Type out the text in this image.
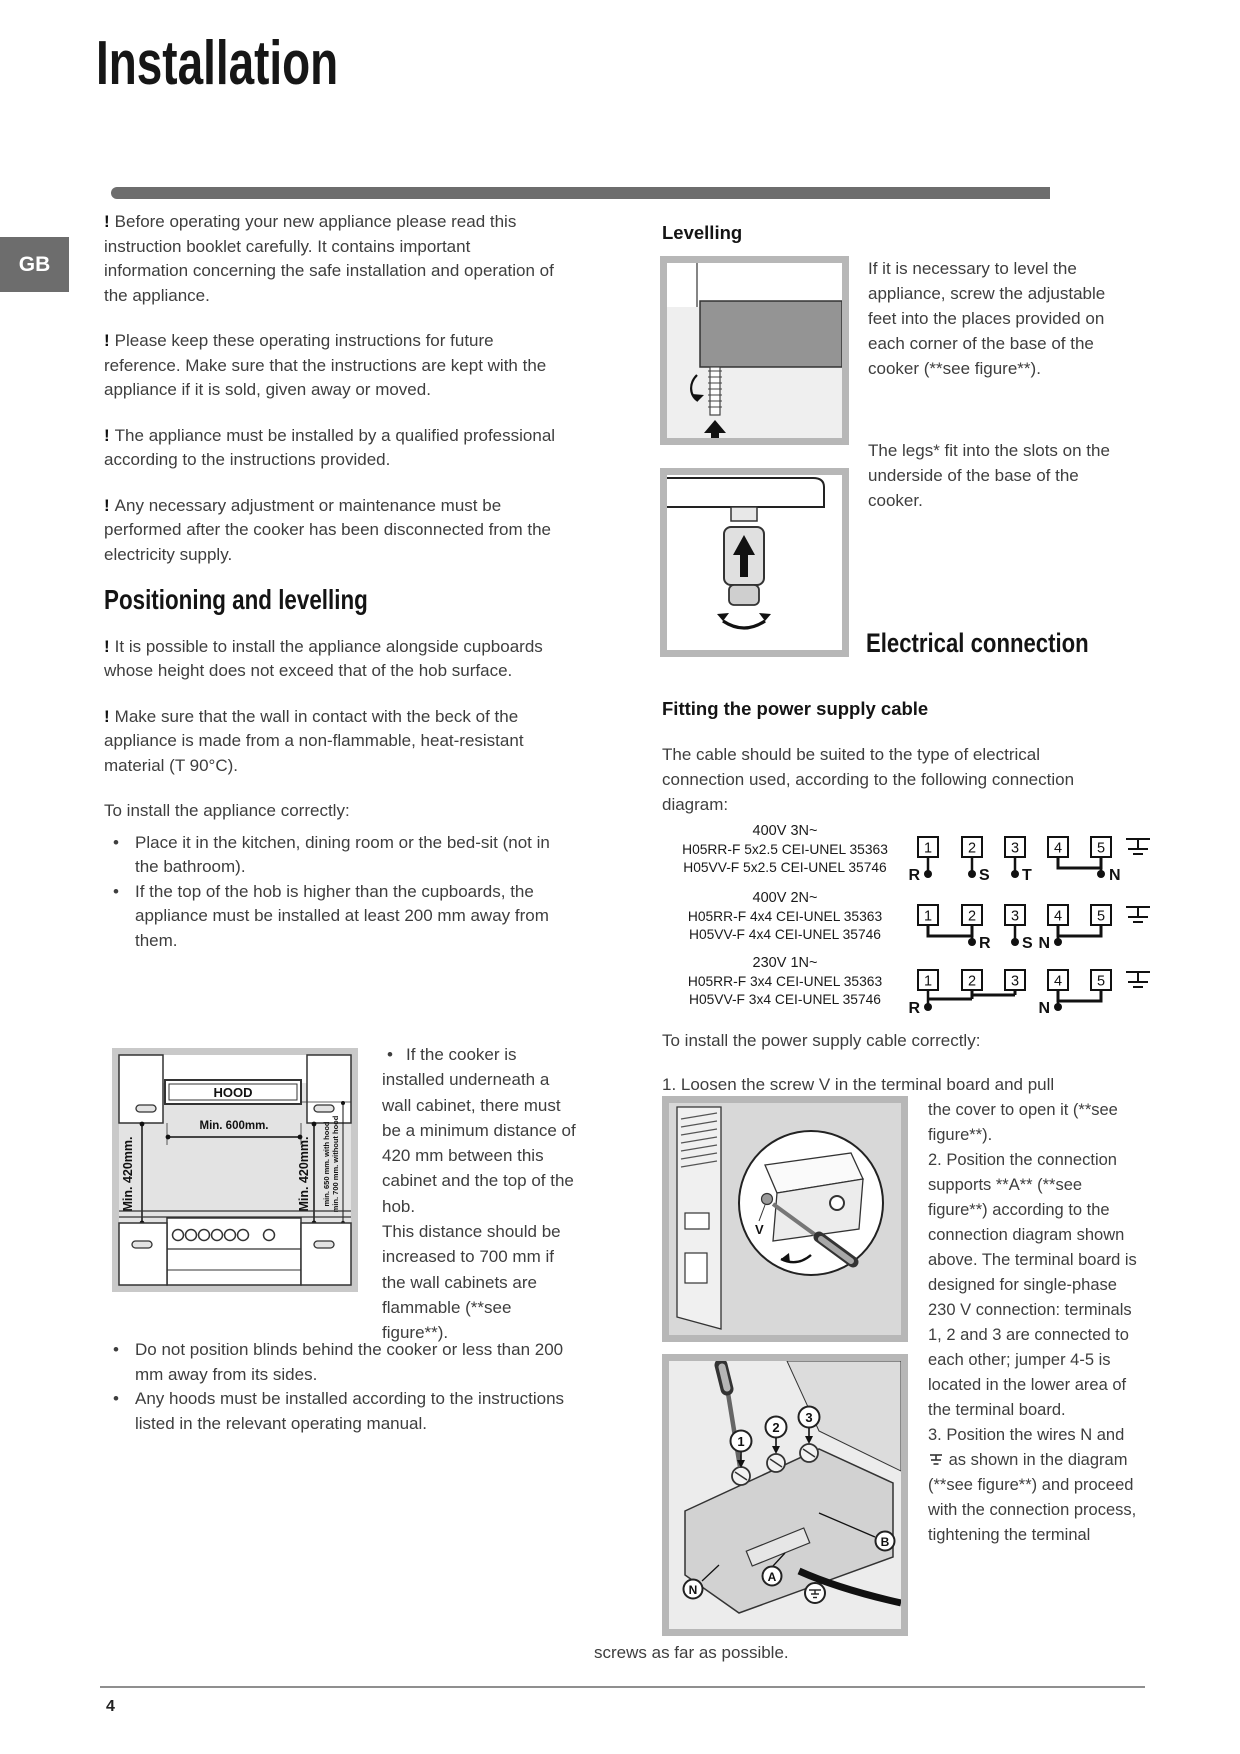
Installation
GB

! Before operating your new appliance please read this instruction booklet carefully. It contains important information concerning the safe installation and operation of the appliance.

! Please keep these operating instructions for future reference. Make sure that the instructions are kept with the appliance if it is sold, given away or moved.

! The appliance must be installed by a qualified professional according to the instructions provided.

! Any necessary adjustment or maintenance must be performed after the cooker has been disconnected from the electricity supply.

Positioning and levelling

! It is possible to install the appliance alongside cupboards whose height does not exceed that of the hob surface.

! Make sure that the wall in contact with the beck of the appliance is made from a non-flammable, heat-resistant material (T 90°C).

To install the appliance correctly:

• Place it in the kitchen, dining room or the bed-sit (not in the bathroom).
• If the top of the hob is higher than the cupboards, the appliance must be installed at least 200 mm away from them.
HOOD
Min. 600mm.
Min. 420mm.	Min. 420mm. min. 650 mm. with hood min. 700 mm. without hood
• If the cooker is installed underneath a wall cabinet, there must be a minimum distance of 420 mm between this cabinet and the top of the hob.
This distance should be increased to 700 mm if the wall cabinets are flammable (**see figure**).
• Do not position blinds behind the cooker or less than 200 mm away from its sides.
• Any hoods must be installed according to the instructions listed in the relevant operating manual.
Levelling

If it is necessary to level the appliance, screw the adjustable feet into the places provided on each corner of the base of the cooker (**see figure**).

The legs* fit into the slots on the underside of the base of the cooker.

Electrical connection
Fitting the power supply cable

The cable should be suited to the type of electrical connection used, according to the following connection diagram:

400V 3N~
H05RR-F 5x2.5 CEI-UNEL 35363
H05VV-F 5x2.5 CEI-UNEL 35746
1 2 3 4 5
R	S T	N
400V 2N~
H05RR-F 4x4 CEI-UNEL 35363
H05VV-F 4x4 CEI-UNEL 35746
1 2 3 4 5
R S N
230V 1N~
H05RR-F 3x4 CEI-UNEL 35363
H05VV-F 3x4 CEI-UNEL 35746
1 2 3 4 5
R	N

To install the power supply cable correctly:

1. Loosen the screw V in the terminal board and pull

V

the cover to open it (**see figure**).

2. Position the connection supports **A** (**see figure**) according to the connection diagram shown above. The terminal board is designed for single-phase 230 V connection: terminals 1, 2 and 3 are connected to each other; jumper 4-5 is located in the lower area of the terminal board.

3. Position the wires N and  as shown in the diagram (**see figure**) and proceed with the connection process, tightening the terminal

1
2
3
B
A
N

screws as far as possible.

4
